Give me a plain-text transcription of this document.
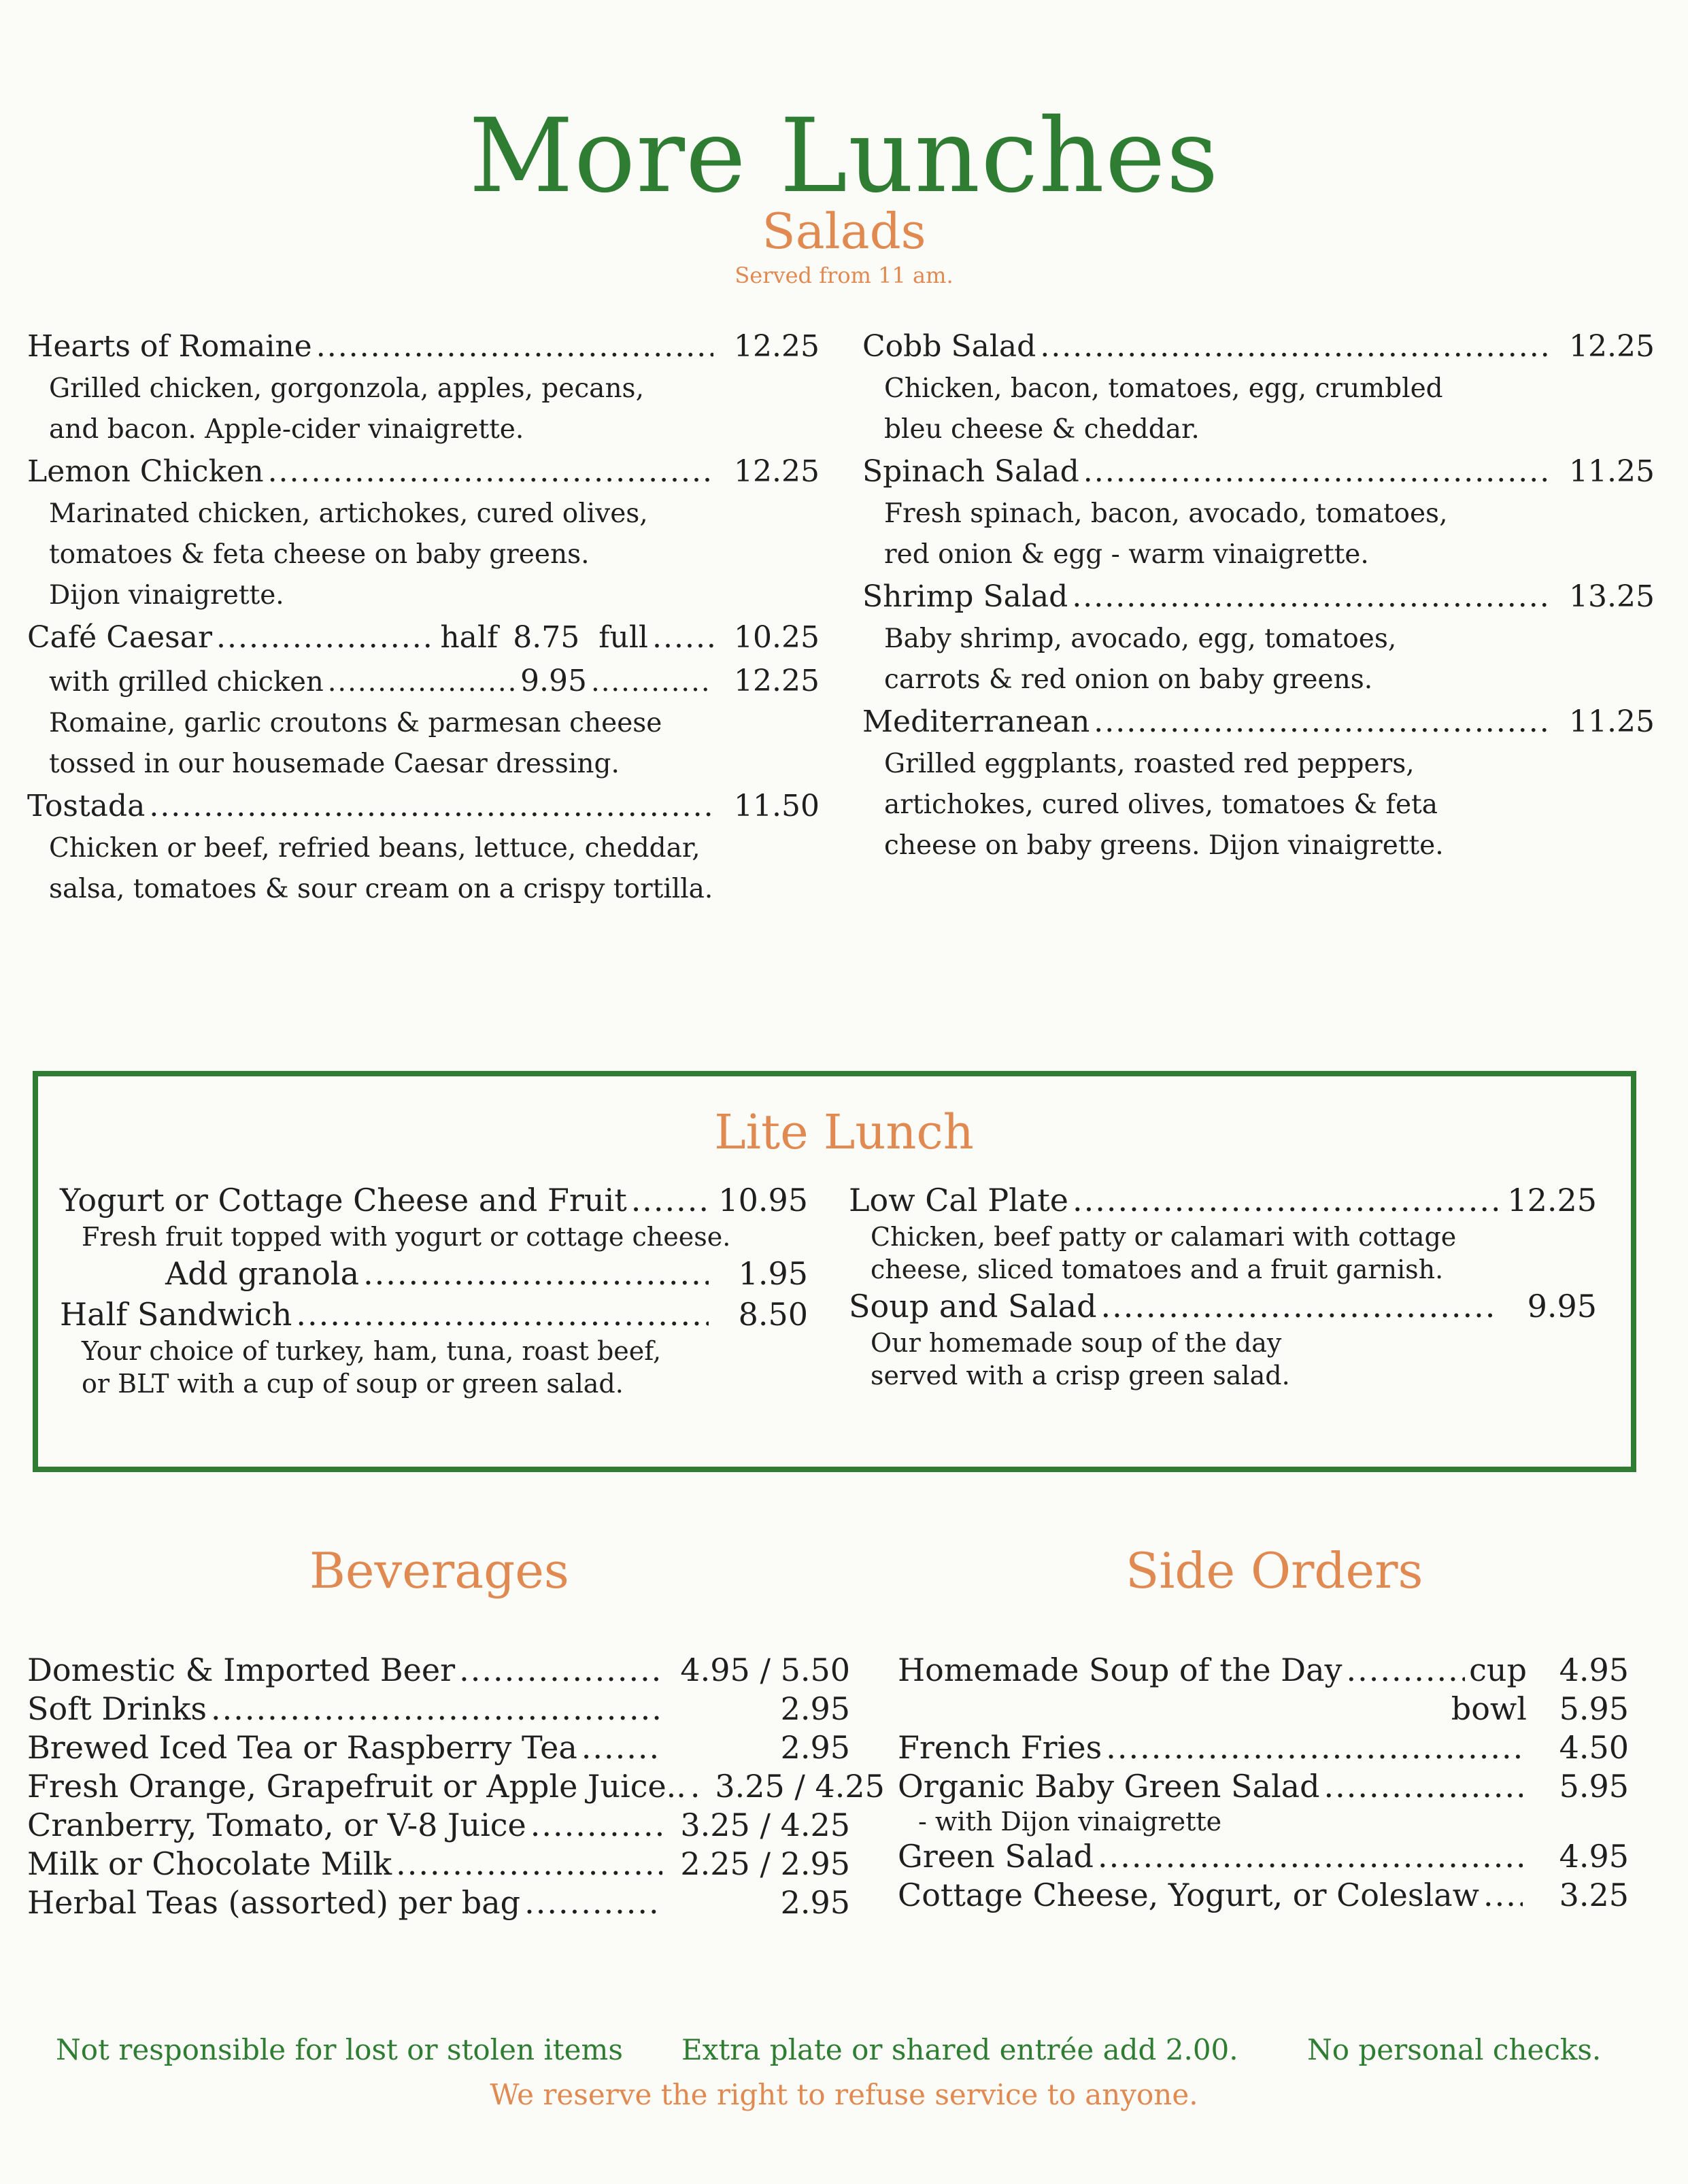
More Lunches
Salads
Served from 11 am.
Hearts of Romaine .....	12.25
Grilled chicken, gorgonzola, apples, pecans,
and bacon. Apple-cider vinaigrette.
Lemon Chicken .....	12.25
Marinated chicken, artichokes, cured olives,
tomatoes & feta cheese on baby greens.
Dijon vinaigrette.
Café Caesar .....	half 8.75 full .....	10.25
with grilled chicken .....	9.95 .....	12.25
Romaine, garlic croutons & parmesan cheese
tossed in our housemade Caesar dressing.
Tostada .....	11.50
Chicken or beef, refried beans, lettuce, cheddar,
salsa, tomatoes & sour cream on a crispy tortilla.
Cobb Salad .....	12.25
Chicken, bacon, tomatoes, egg, crumbled
bleu cheese & cheddar.
Spinach Salad .....	11.25
Fresh spinach, bacon, avocado, tomatoes,
red onion & egg - warm vinaigrette.
Shrimp Salad .....	13.25
Baby shrimp, avocado, egg, tomatoes,
carrots & red onion on baby greens.
Mediterranean .....	11.25
Grilled eggplants, roasted red peppers,
artichokes, cured olives, tomatoes & feta
cheese on baby greens. Dijon vinaigrette.
Lite Lunch
Yogurt or Cottage Cheese and Fruit .....	10.95
Fresh fruit topped with yogurt or cottage cheese.
Add granola .....	1.95
Half Sandwich .....	8.50
Your choice of turkey, ham, tuna, roast beef,
or BLT with a cup of soup or green salad.
Low Cal Plate .....	12.25
Chicken, beef patty or calamari with cottage
cheese, sliced tomatoes and a fruit garnish.
Soup and Salad .....	9.95
Our homemade soup of the day
served with a crisp green salad.
Beverages
Domestic & Imported Beer .....	4.95 / 5.50
Soft Drinks .....	2.95
Brewed Iced Tea or Raspberry Tea .....	2.95
Fresh Orange, Grapefruit or Apple Juice.. ..... 3.25 / 4.25
Cranberry, Tomato, or V-8 Juice .....	3.25 / 4.25
Milk or Chocolate Milk .....	2.25 / 2.95
Herbal Teas (assorted) per bag .....	2.95
Side Orders
Homemade Soup of the Day .....	cup 4.95
bowl 5.95
French Fries .....	4.50
Organic Baby Green Salad .....	5.95
- with Dijon vinaigrette
Green Salad .....	4.95
Cottage Cheese, Yogurt, or Coleslaw .....	3.25
Not responsible for lost or stolen items Extra plate or shared entrée add 2.00. No personal checks.
We reserve the right to refuse service to anyone.
